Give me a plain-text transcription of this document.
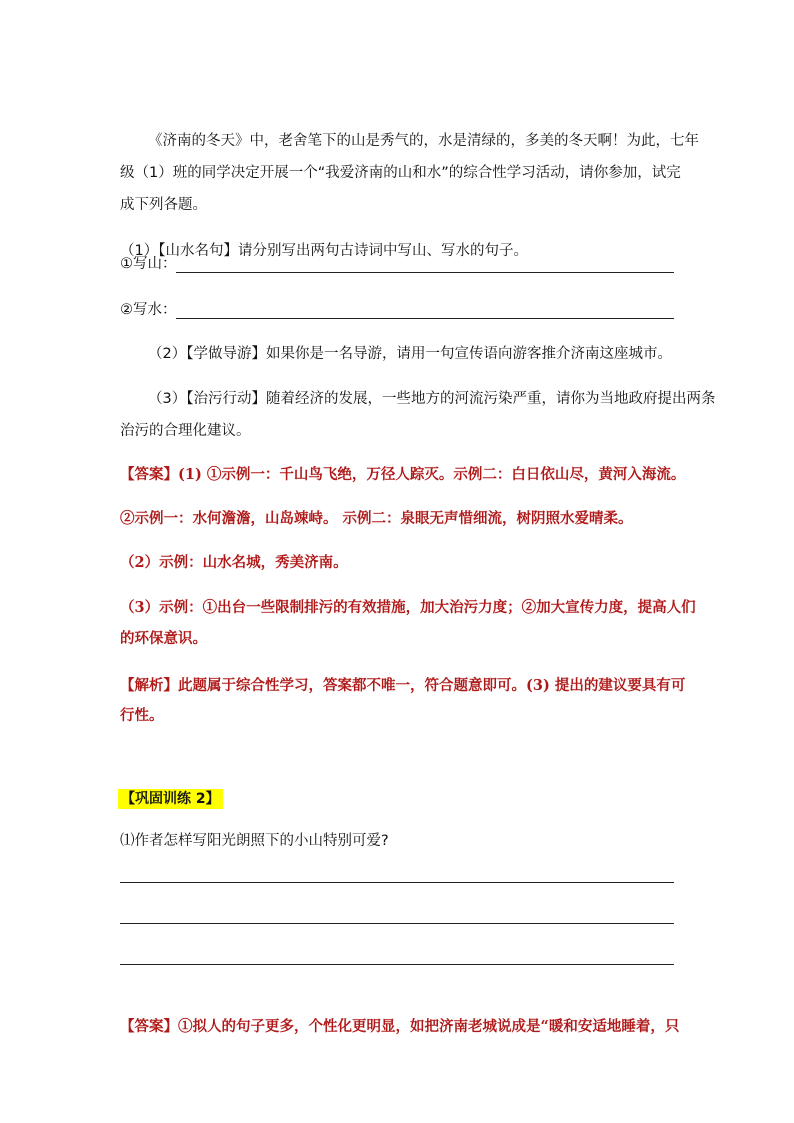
《济南的冬天》中，老舍笔下的山是秀气的，水是清绿的，多美的冬天啊！为此，七年
级（1）班的同学决定开展一个“我爱济南的山和水”的综合性学习活动，请你参加，试完
成下列各题。
（1）【山水名句】请分别写出两句古诗词中写山、写水的句子。
①写山：
②写水：
（2）【学做导游】如果你是一名导游，请用一句宣传语向游客推介济南这座城市。
（3）【治污行动】随着经济的发展，一些地方的河流污染严重，请你为当地政府提出两条
治污的合理化建议。
【答案】(1) ①示例一：千山鸟飞绝，万径人踪灭。示例二：白日依山尽，黄河入海流。
②示例一：水何澹澹，山岛竦峙。 示例二：泉眼无声惜细流，树阴照水爱晴柔。
（2）示例：山水名城，秀美济南。
（3）示例：①出台一些限制排污的有效措施，加大治污力度；②加大宣传力度，提高人们
的环保意识。
【解析】此题属于综合性学习，答案都不唯一，符合题意即可。(3) 提出的建议要具有可
行性。
【巩固训练 2】
⑴作者怎样写阳光朗照下的小山特别可爱?
【答案】①拟人的句子更多，个性化更明显，如把济南老城说成是“暖和安适地睡着，只
